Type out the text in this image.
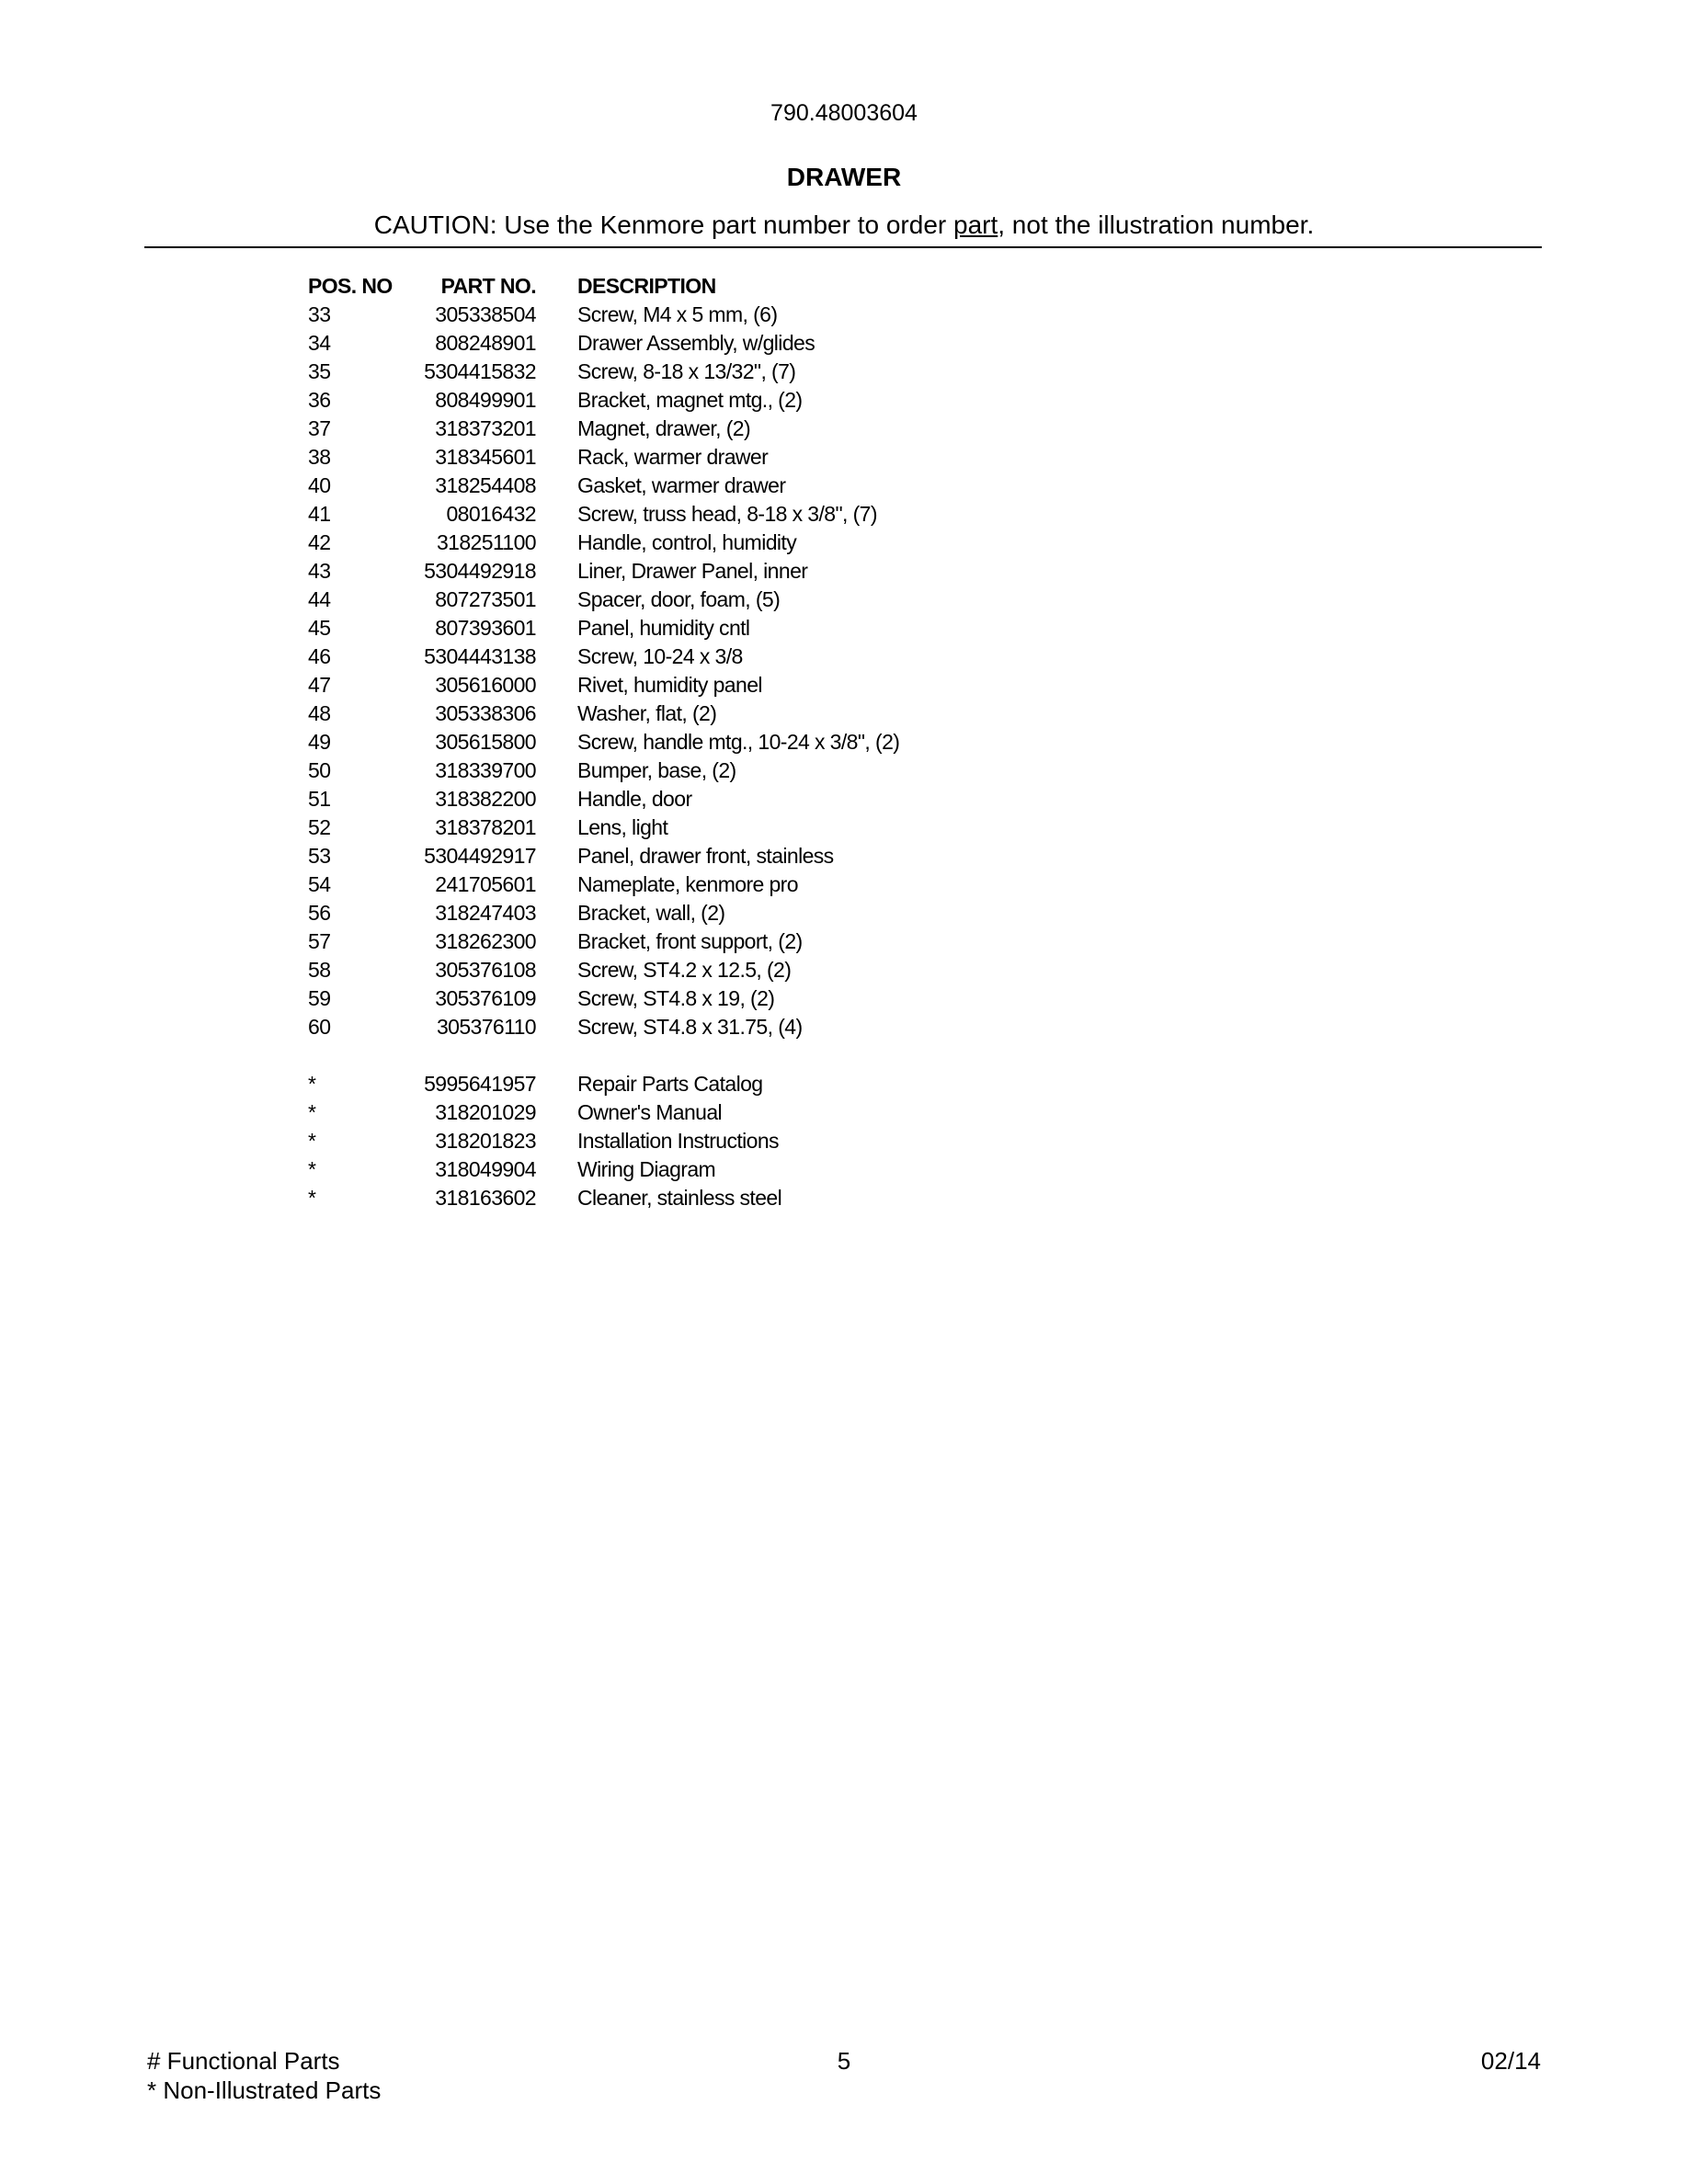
790.48003604
DRAWER
CAUTION: Use the Kenmore part number to order part, not the illustration number.
POS. NO	PART NO. DESCRIPTION
33	305338504 Screw, M4 x 5 mm, (6)
34	808248901 Drawer Assembly, w/glides
35	5304415832 Screw, 8-18 x 13/32", (7)
36	808499901 Bracket, magnet mtg., (2)
37	318373201 Magnet, drawer, (2)
38	318345601 Rack, warmer drawer
40	318254408 Gasket, warmer drawer
41	08016432 Screw, truss head, 8-18 x 3/8", (7)
42	318251100 Handle, control, humidity
43	5304492918 Liner, Drawer Panel, inner
44	807273501 Spacer, door, foam, (5)
45	807393601 Panel, humidity cntl
46	5304443138 Screw, 10-24 x 3/8
47	305616000 Rivet, humidity panel
48	305338306 Washer, flat, (2)
49	305615800 Screw, handle mtg., 10-24 x 3/8", (2)
50	318339700 Bumper, base, (2)
51	318382200 Handle, door
52	318378201 Lens, light
53	5304492917 Panel, drawer front, stainless
54	241705601 Nameplate, kenmore pro
56	318247403 Bracket, wall, (2)
57	318262300 Bracket, front support, (2)
58	305376108 Screw, ST4.2 x 12.5, (2)
59	305376109 Screw, ST4.8 x 19, (2)
60	305376110 Screw, ST4.8 x 31.75, (4)
*	5995641957 Repair Parts Catalog
*	318201029 Owner's Manual
*	318201823 Installation Instructions
*	318049904 Wiring Diagram
*	318163602 Cleaner, stainless steel
# Functional Parts
* Non-Illustrated Parts
5	02/14
